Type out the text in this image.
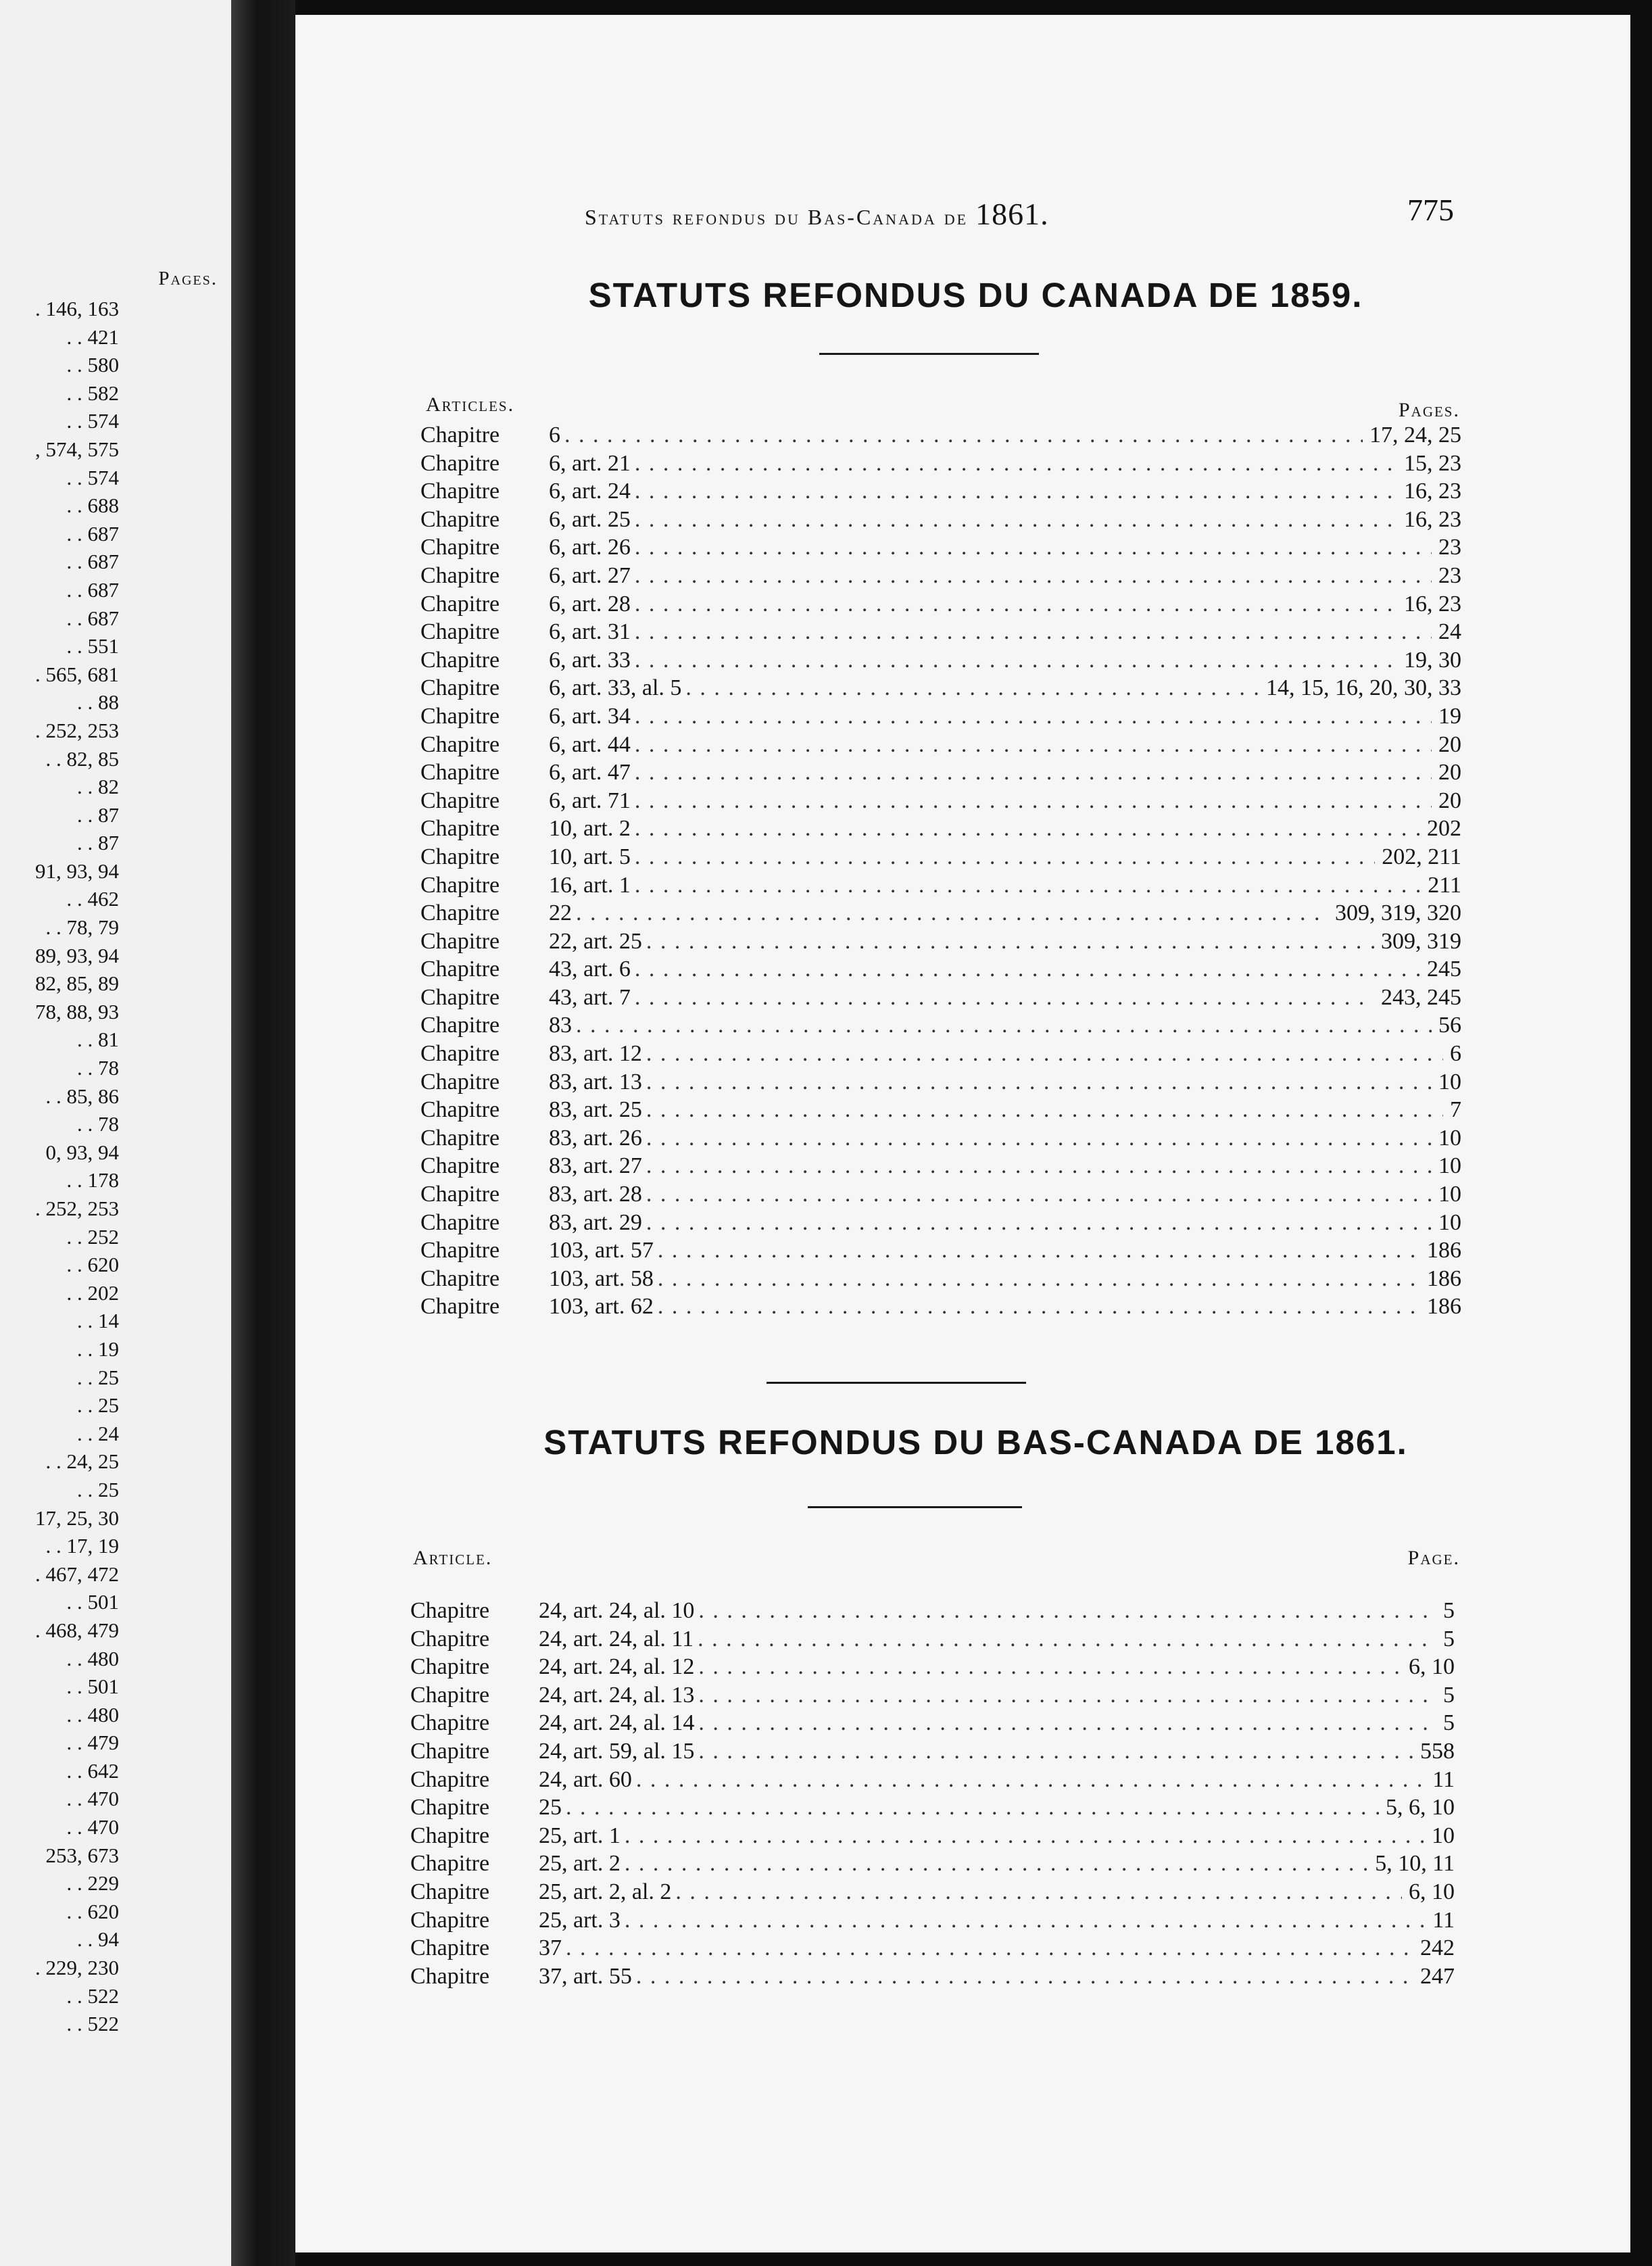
Pages.
. 146, 163
. . 421
. . 580
. . 582
. . 574
, 574, 575
. . 574
. . 688
. . 687
. . 687
. . 687
. . 687
. . 551
. 565, 681
. . 88
. 252, 253
. . 82, 85
. . 82
. . 87
. . 87
91, 93, 94
. . 462
. . 78, 79
89, 93, 94
82, 85, 89
78, 88, 93
. . 81
. . 78
. . 85, 86
. . 78
0, 93, 94
. . 178
. 252, 253
. . 252
. . 620
. . 202
. . 14
. . 19
. . 25
. . 25
. . 24
. . 24, 25
. . 25
17, 25, 30
. . 17, 19
. 467, 472
. . 501
. 468, 479
. . 480
. . 501
. . 480
. . 479
. . 642
. . 470
. . 470
253, 673
. . 229
. . 620
. . 94
. 229, 230
. . 522
. . 522
Statuts refondus du Bas-Canada de 1861.	775
STATUTS REFONDUS DU CANADA DE 1859.
Articles.	Pages.
Chapitre	6 . . .	17, 24, 25
Chapitre	6, art. 21 . . .	15, 23
Chapitre	6, art. 24 . . .	16, 23
Chapitre	6, art. 25 . . .	16, 23
Chapitre	6, art. 26 . . .	23
Chapitre	6, art. 27 . . .	23
Chapitre	6, art. 28 . . .	16, 23
Chapitre	6, art. 31 . . .	24
Chapitre	6, art. 33 . . .	19, 30
Chapitre	6, art. 33, al. 5 . . .	14, 15, 16, 20, 30, 33
Chapitre	6, art. 34 . . .	19
Chapitre	6, art. 44 . . .	20
Chapitre	6, art. 47 . . .	20
Chapitre	6, art. 71 . . .	20
Chapitre	10, art. 2 . . .	202
Chapitre	10, art. 5 . . .	202, 211
Chapitre	16, art. 1 . . .	211
Chapitre	22 . . .	309, 319, 320
Chapitre	22, art. 25 . . .	309, 319
Chapitre	43, art. 6 . . .	245
Chapitre	43, art. 7 . . .	243, 245
Chapitre	83 . . .	56
Chapitre	83, art. 12 . . .	6
Chapitre	83, art. 13 . . .	10
Chapitre	83, art. 25 . . .	7
Chapitre	83, art. 26 . . .	10
Chapitre	83, art. 27 . . .	10
Chapitre	83, art. 28 . . .	10
Chapitre	83, art. 29 . . .	10
Chapitre	103, art. 57 . . .	186
Chapitre	103, art. 58 . . .	186
Chapitre	103, art. 62 . . .	186
STATUTS REFONDUS DU BAS-CANADA DE 1861.
Article.	Page.
Chapitre	24, art. 24, al. 10 . . .	5
Chapitre	24, art. 24, al. 11 . . .	5
Chapitre	24, art. 24, al. 12 . . .	6, 10
Chapitre	24, art. 24, al. 13 . . .	5
Chapitre	24, art. 24, al. 14 . . .	5
Chapitre	24, art. 59, al. 15 . . .	558
Chapitre	24, art. 60 . . .	11
Chapitre	25 . . .	5, 6, 10
Chapitre	25, art. 1 . . .	10
Chapitre	25, art. 2 . . .	5, 10, 11
Chapitre	25, art. 2, al. 2 . . .	6, 10
Chapitre	25, art. 3 . . .	11
Chapitre	37 . . .	242
Chapitre	37, art. 55 . . .	247
